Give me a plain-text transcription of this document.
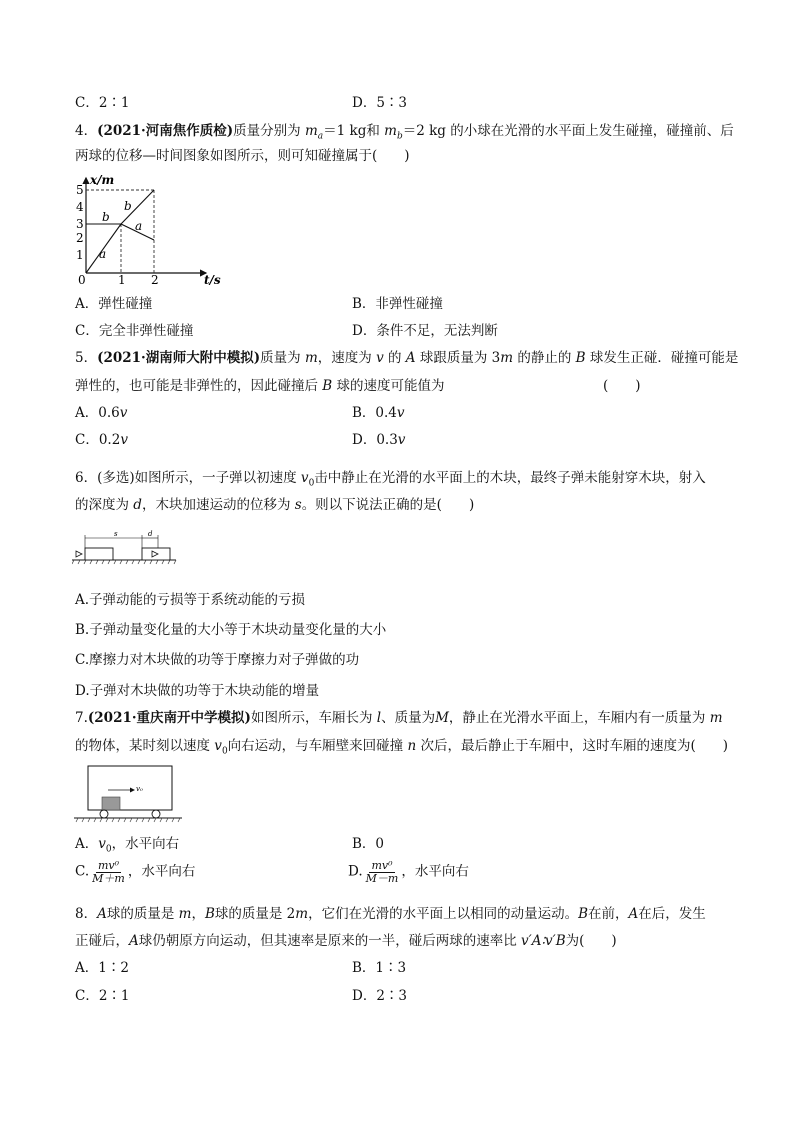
C．2∶1	D．5∶3
4．(2021·河南焦作质检)质量分别为 $m_a=1$ kg和 $m_b=2$ kg 的小球在光滑的水平面上发生碰撞，碰撞前、后
两球的位移—时间图象如图所示，则可知碰撞属于(　　)
x/m
t/s
1
2
3
4
5
0	1 2
b
a
b
a
A．弹性碰撞	B．非弹性碰撞
C．完全非弹性碰撞	D．条件不足，无法判断
5．(2021·湖南师大附中模拟)质量为 m，速度为 v 的 A 球跟质量为 3m 的静止的 B 球发生正碰．碰撞可能是
弹性的，也可能是非弹性的，因此碰撞后 B 球的速度可能值为	(　　)
A．0.6v	B．0.4v
C．0.2v	D．0.3v
6．(多选)如图所示，一子弹以初速度 $v_0$击中静止在光滑的水平面上的木块，最终子弹未能射穿木块，射入
的深度为 d，木块加速运动的位移为 s。则以下说法正确的是(　　)
s	d
A.子弹动能的亏损等于系统动能的亏损
B.子弹动量变化量的大小等于木块动量变化量的大小
C.摩擦力对木块做的功等于摩擦力对子弹做的功
D.子弹对木块做的功等于木块动能的增量
7.(2021·重庆南开中学模拟)如图所示，车厢长为 l、质量为M，静止在光滑水平面上，车厢内有一质量为 m
的物体，某时刻以速度 $v_0$向右运动，与车厢壁来回碰撞 n 次后，最后静止于车厢中，这时车厢的速度为(　　)
v₀
A．$v_0$，水平向右	B．0
C. $\frac{\text{mv⁰}}{M+m}$ ，水平向右	D. $\frac{\text{mv⁰}}{M-m}$ ，水平向右
8．A球的质量是 m，B球的质量是 2m，它们在光滑的水平面上以相同的动量运动。B在前，A在后，发生
正碰后，A球仍朝原方向运动，但其速率是原来的一半，碰后两球的速率比 v′A∶v′B为(　　)
A．1∶2	B．1∶3
C．2∶1	D．2∶3
